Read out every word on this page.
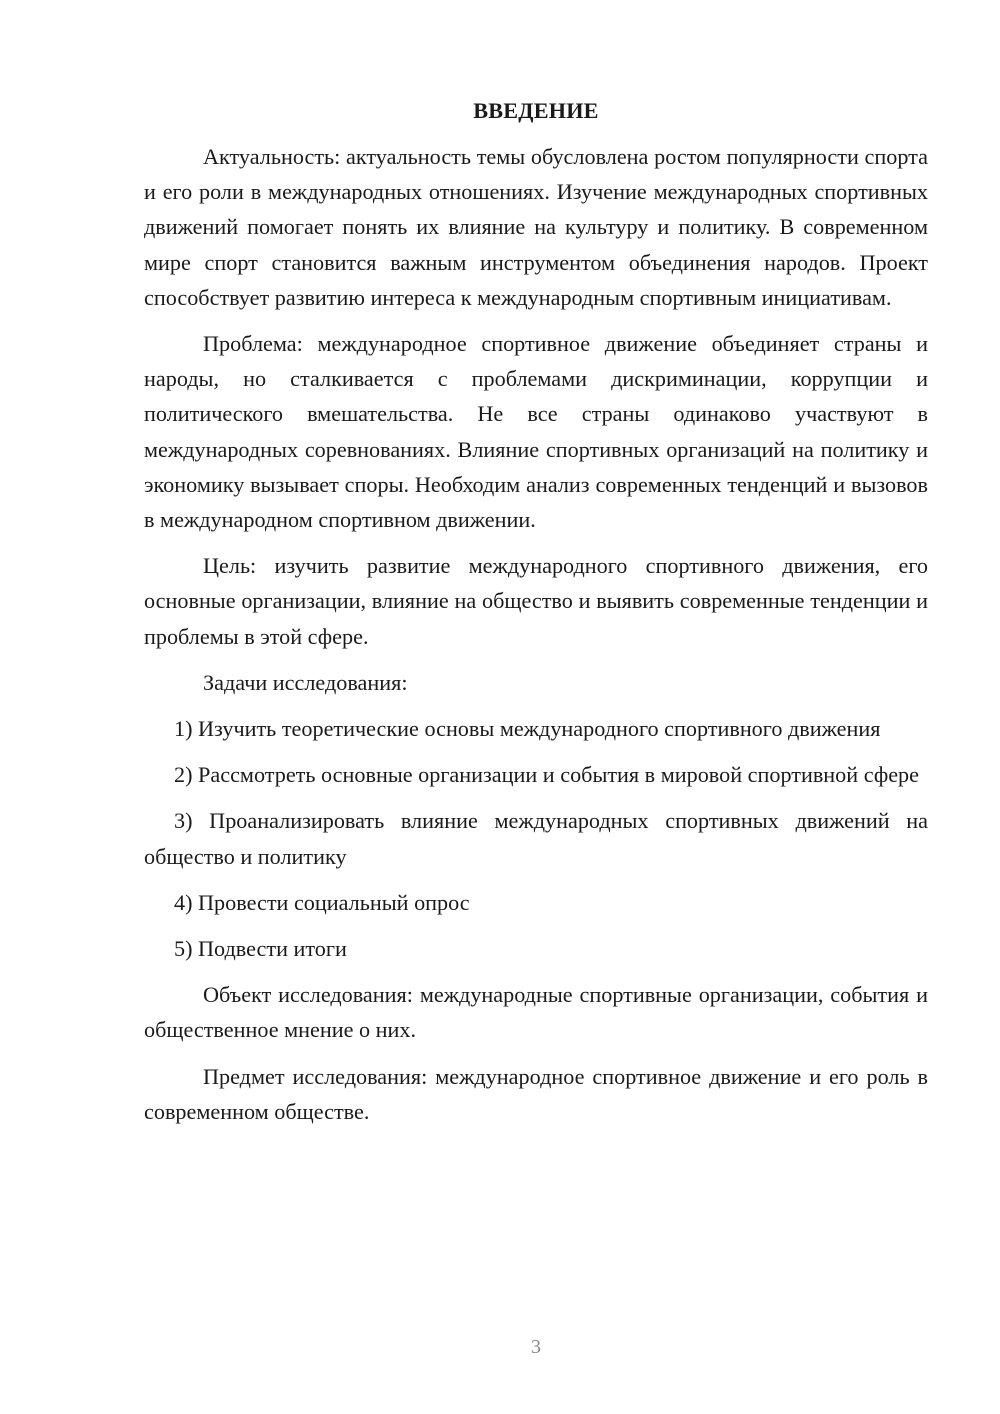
ВВЕДЕНИЕ

Актуальность: актуальность темы обусловлена ростом популярности спорта и его роли в международных отношениях. Изучение международных спортивных движений помогает понять их влияние на культуру и политику. В современном мире спорт становится важным инструментом объединения народов. Проект способствует развитию интереса к международным спортивным инициативам.

Проблема: международное спортивное движение объединяет страны и народы, но сталкивается с проблемами дискриминации, коррупции и политического вмешательства. Не все страны одинаково участвуют в международных соревнованиях. Влияние спортивных организаций на политику и экономику вызывает споры. Необходим анализ современных тенденций и вызовов в международном спортивном движении.

Цель: изучить развитие международного спортивного движения, его основные организации, влияние на общество и выявить современные тенденции и проблемы в этой сфере.

Задачи исследования:

1) Изучить теоретические основы международного спортивного движения

2) Рассмотреть основные организации и события в мировой спортивной сфере

3) Проанализировать влияние международных спортивных движений на общество и политику

4) Провести социальный опрос

5) Подвести итоги

Объект исследования: международные спортивные организации, события и общественное мнение о них.

Предмет исследования: международное спортивное движение и его роль в современном обществе.

3
